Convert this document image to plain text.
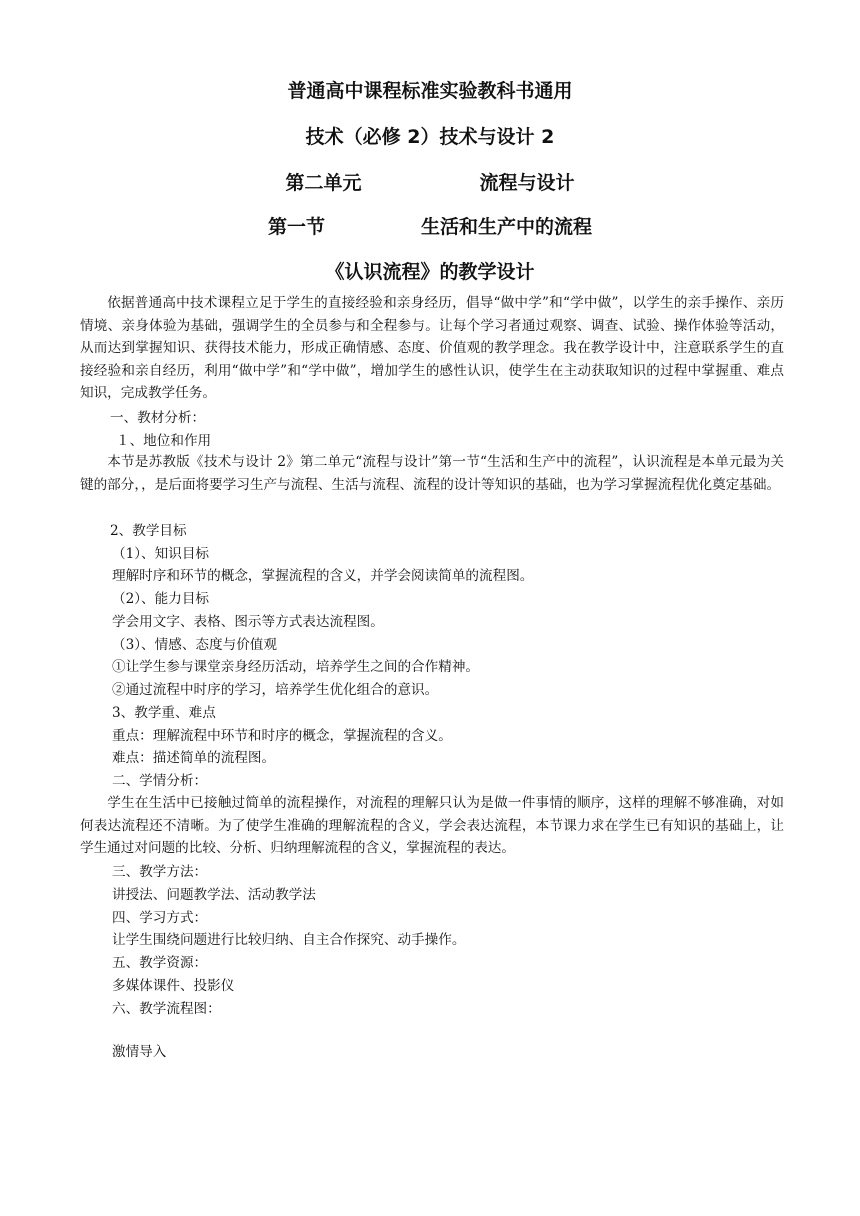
普通高中课程标准实验教科书通用
技术（必修 2）技术与设计 2
第二单元	流程与设计
第一节	生活和生产中的流程
《认识流程》的教学设计
依据普通高中技术课程立足于学生的直接经验和亲身经历，倡导“做中学”和“学中做”，以学生的亲手操作、亲历情境、亲身体验为基础，强调学生的全员参与和全程参与。让每个学习者通过观察、调查、试验、操作体验等活动，从而达到掌握知识、获得技术能力，形成正确情感、态度、价值观的教学理念。我在教学设计中，注意联系学生的直接经验和亲自经历，利用“做中学”和“学中做”，增加学生的感性认识，使学生在主动获取知识的过程中掌握重、难点知识，完成教学任务。
一、教材分析：
１、地位和作用
本节是苏教版《技术与设计 2》第二单元“流程与设计”第一节“生活和生产中的流程”，认识流程是本单元最为关键的部分，，是后面将要学习生产与流程、生活与流程、流程的设计等知识的基础，也为学习掌握流程优化奠定基础。
2、教学目标
（1）、知识目标
理解时序和环节的概念，掌握流程的含义，并学会阅读简单的流程图。
（2）、能力目标
学会用文字、表格、图示等方式表达流程图。
（3）、情感、态度与价值观
①让学生参与课堂亲身经历活动，培养学生之间的合作精神。
②通过流程中时序的学习，培养学生优化组合的意识。
3、教学重、难点
重点：理解流程中环节和时序的概念，掌握流程的含义。
难点：描述简单的流程图。
二、学情分析：
学生在生活中已接触过简单的流程操作，对流程的理解只认为是做一件事情的顺序，这样的理解不够准确，对如何表达流程还不清晰。为了使学生准确的理解流程的含义，学会表达流程，本节课力求在学生已有知识的基础上，让学生通过对问题的比较、分析、归纳理解流程的含义，掌握流程的表达。
三、教学方法：
讲授法、问题教学法、活动教学法
四、学习方式：
让学生围绕问题进行比较归纳、自主合作探究、动手操作。
五、教学资源：
多媒体课件、投影仪
六、教学流程图：
激情导入
